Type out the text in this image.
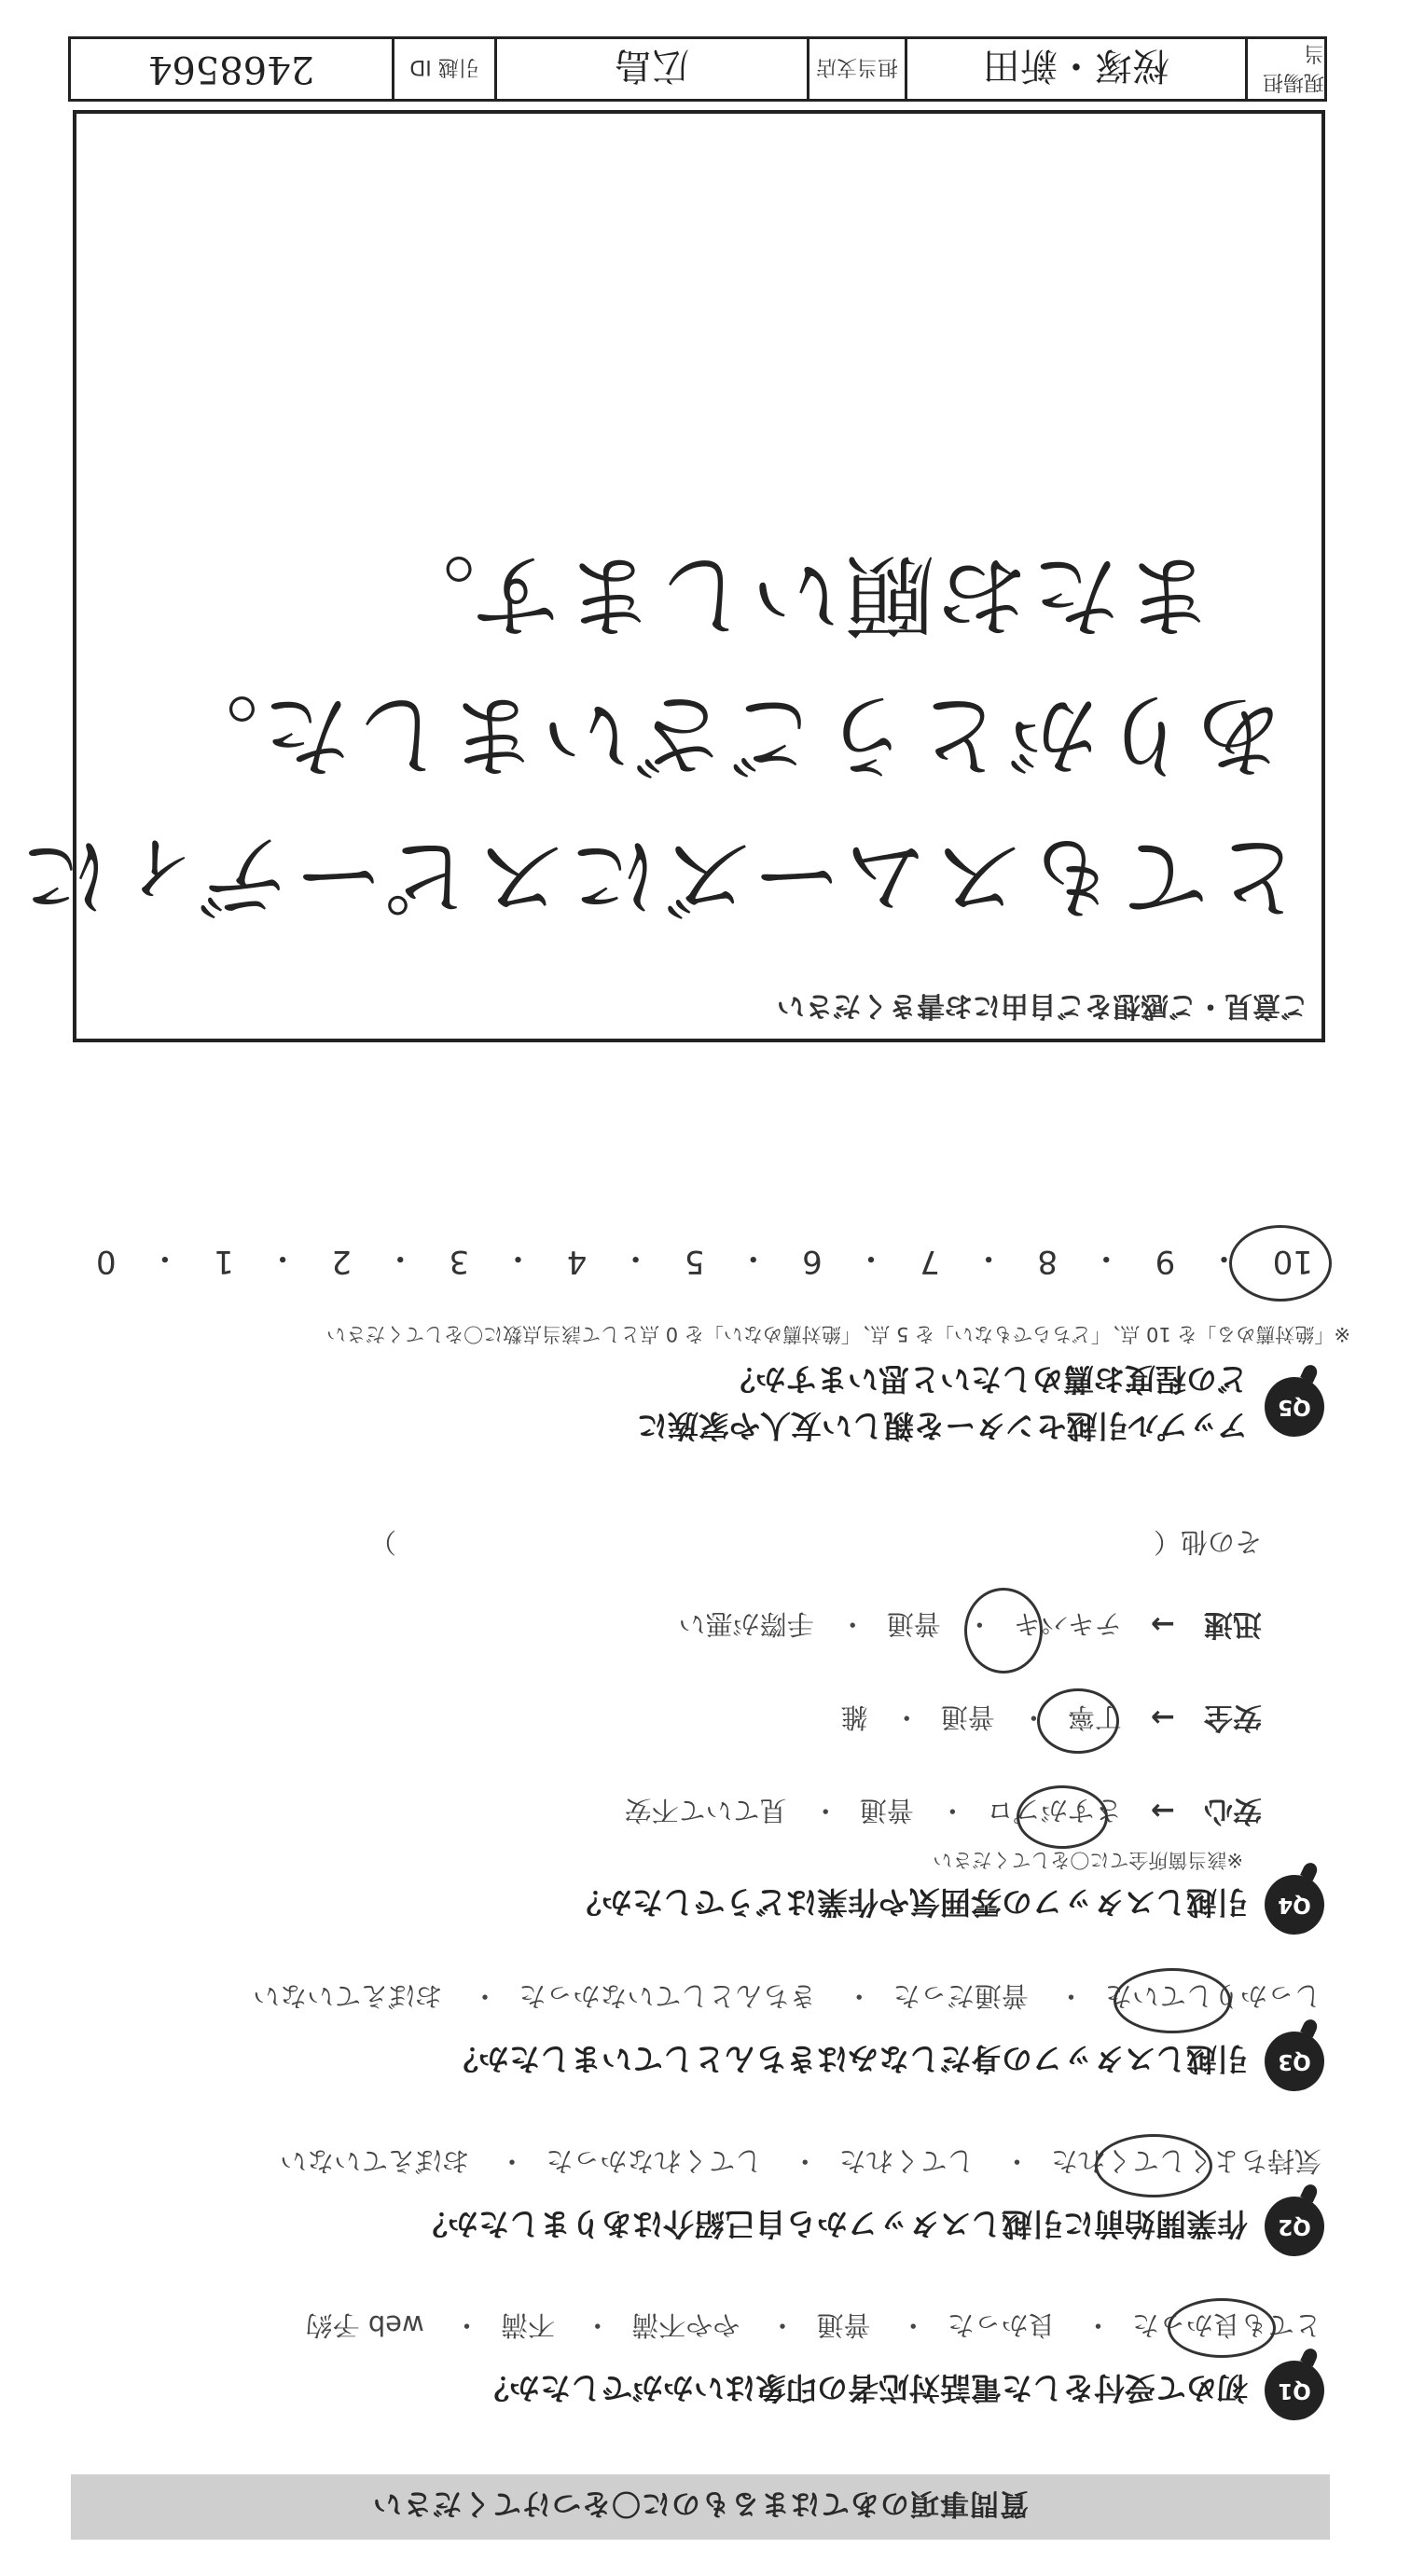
質問事項のあてはまるものに〇をつけてください
Q1
初めて受付をした電話対応者の印象はいかがでしたか？
とても良かった・ 良かった・ 普通・ やや不満・ 不満・ web 予約
Q2
作業開始前に引越しスタッフから自己紹介はありましたか？
気持ちよくしてくれた・ してくれた・ してくれなかった・ おぼえていない
Q3
引越しスタッフの身だしなみはきちんとしていましたか？
しっかりしていた・ 普通だった・ きちんとしていなかった・ おぼえていない
Q4
引越しスタッフの雰囲気や作業はどうでしたか？
※該当箇所全てに〇をしてください
安心 → さすがプロ・ 普通・ 見ていて不安
安全 → 丁寧・ 普通・ 雑
迅速 → テキパキ・ 普通・ 手際が悪い
その他（　　　　　　　　　　　　　　　　　　　　　　　　　　　　）
Q5
アップル引越センターを親しい友人や家族に
どの程度お薦めしたいと思いますか？
※「絶対薦める」を 10 点、「どちらでもない」を 5 点、「絶対薦めない」を 0 点として該当点数に〇をしてください
10
・
9
・
8
・
7
・
6
・
5
・
4
・
3
・
2
・
1
・
0
ご意見・ご感想をご自由にお書きください
とてもスムーズにスピーディに
ありがとうございました。
またお願いします。
現場担当
桜塚・新田
担当支店
広島
引越 ID
2468564
